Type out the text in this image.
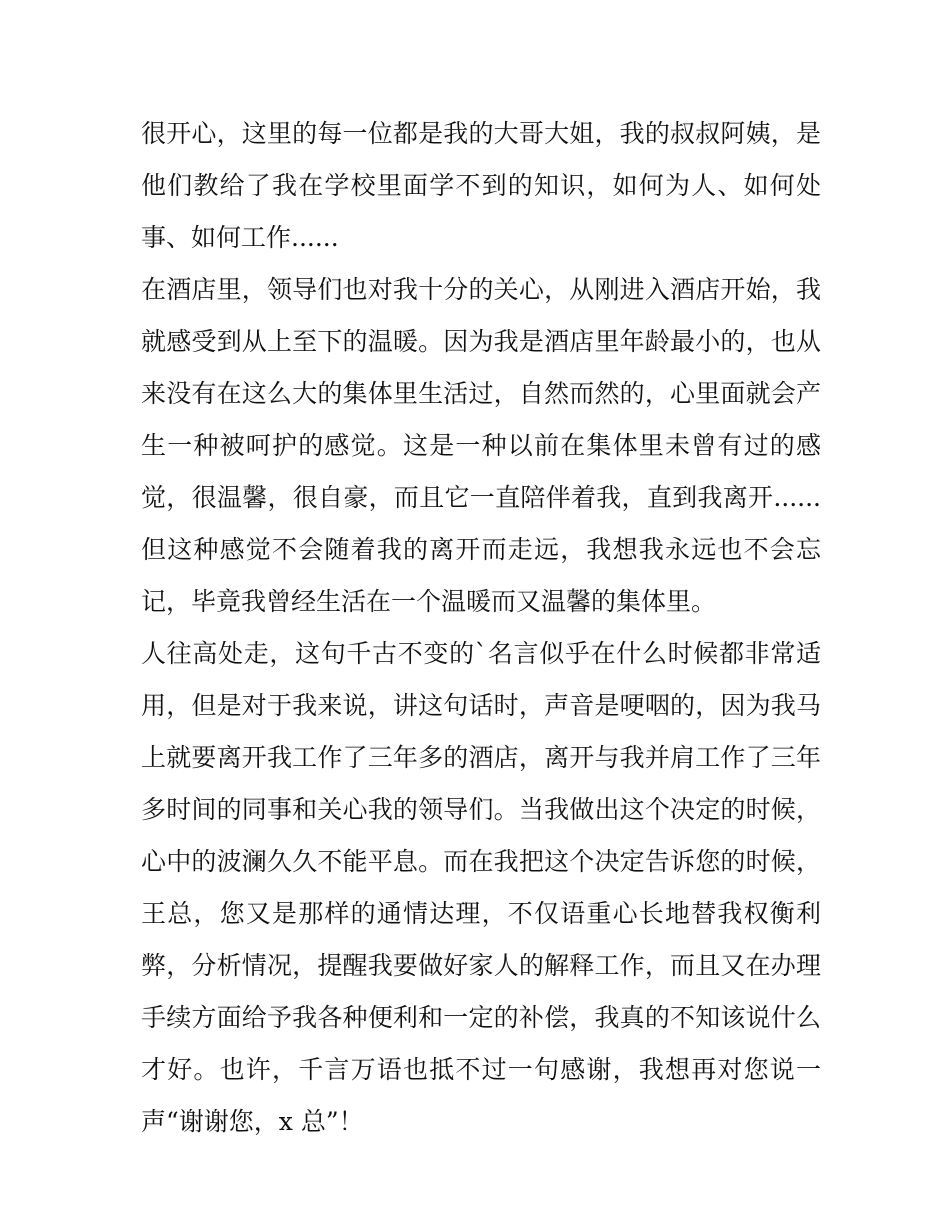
很开心，这里的每一位都是我的大哥大姐，我的叔叔阿姨，是
他们教给了我在学校里面学不到的知识，如何为人、如何处
事、如何工作......
在酒店里，领导们也对我十分的关心，从刚进入酒店开始，我
就感受到从上至下的温暖。因为我是酒店里年龄最小的，也从
来没有在这么大的集体里生活过，自然而然的，心里面就会产
生一种被呵护的感觉。这是一种以前在集体里未曾有过的感
觉，很温馨，很自豪，而且它一直陪伴着我，直到我离开......
但这种感觉不会随着我的离开而走远，我想我永远也不会忘
记，毕竟我曾经生活在一个温暖而又温馨的集体里。
人往高处走，这句千古不变的`名言似乎在什么时候都非常适
用，但是对于我来说，讲这句话时，声音是哽咽的，因为我马
上就要离开我工作了三年多的酒店，离开与我并肩工作了三年
多时间的同事和关心我的领导们。当我做出这个决定的时候，
心中的波澜久久不能平息。而在我把这个决定告诉您的时候，
王总，您又是那样的通情达理，不仅语重心长地替我权衡利
弊，分析情况，提醒我要做好家人的解释工作，而且又在办理
手续方面给予我各种便利和一定的补偿，我真的不知该说什么
才好。也许，千言万语也抵不过一句感谢，我想再对您说一
声“谢谢您，x 总”！
